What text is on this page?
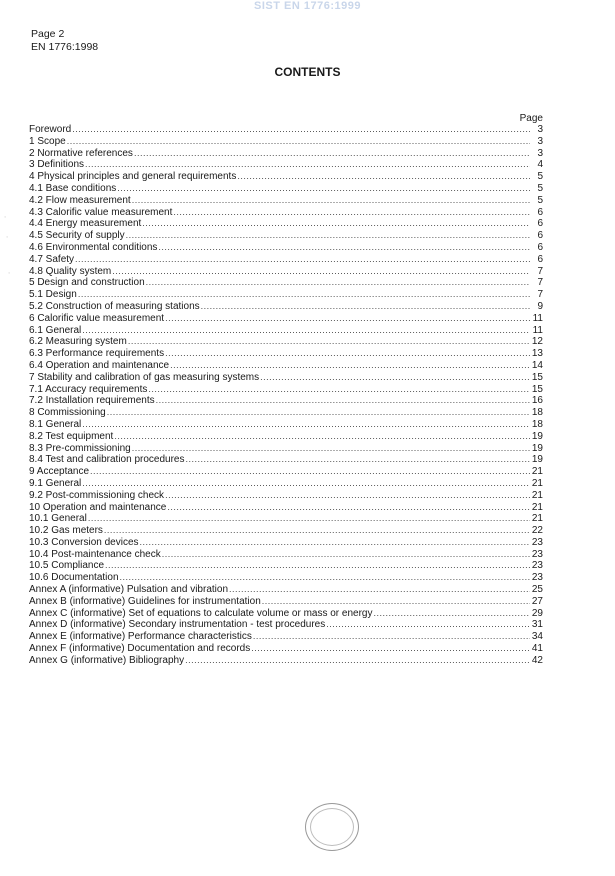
SIST EN 1776:1999
Page 2
EN 1776:1998
CONTENTS
Page
Foreword .....	3
1 Scope .....	3
2 Normative references .....	3
3 Definitions .....	4
4 Physical principles and general requirements .....	5
4.1 Base conditions .....	5
4.2 Flow measurement .....	5
4.3 Calorific value measurement .....	6
4.4 Energy measurement .....	6
4.5 Security of supply .....	6
4.6 Environmental conditions .....	6
4.7 Safety .....	6
4.8 Quality system .....	7
5 Design and construction .....	7
5.1 Design .....	7
5.2 Construction of measuring stations .....	9
6 Calorific value measurement .....	11
6.1 General .....	11
6.2 Measuring system .....	12
6.3 Performance requirements .....	13
6.4 Operation and maintenance .....	14
7 Stability and calibration of gas measuring systems .....	15
7.1 Accuracy requirements .....	15
7.2 Installation requirements .....	16
8 Commissioning .....	18
8.1 General .....	18
8.2 Test equipment .....	19
8.3 Pre-commissioning .....	19
8.4 Test and calibration procedures .....	19
9 Acceptance .....	21
9.1 General .....	21
9.2 Post-commissioning check .....	21
10 Operation and maintenance .....	21
10.1 General .....	21
10.2 Gas meters .....	22
10.3 Conversion devices .....	23
10.4 Post-maintenance check .....	23
10.5 Compliance .....	23
10.6 Documentation .....	23
Annex A (informative) Pulsation and vibration .....	25
Annex B (informative) Guidelines for instrumentation .....	27
Annex C (informative) Set of equations to calculate volume or mass or energy .....	29
Annex D (informative) Secondary instrumentation - test procedures .....	31
Annex E (informative) Performance characteristics .....	34
Annex F (informative) Documentation and records .....	41
Annex G (informative) Bibliography .....	42
∙
∙
∙
